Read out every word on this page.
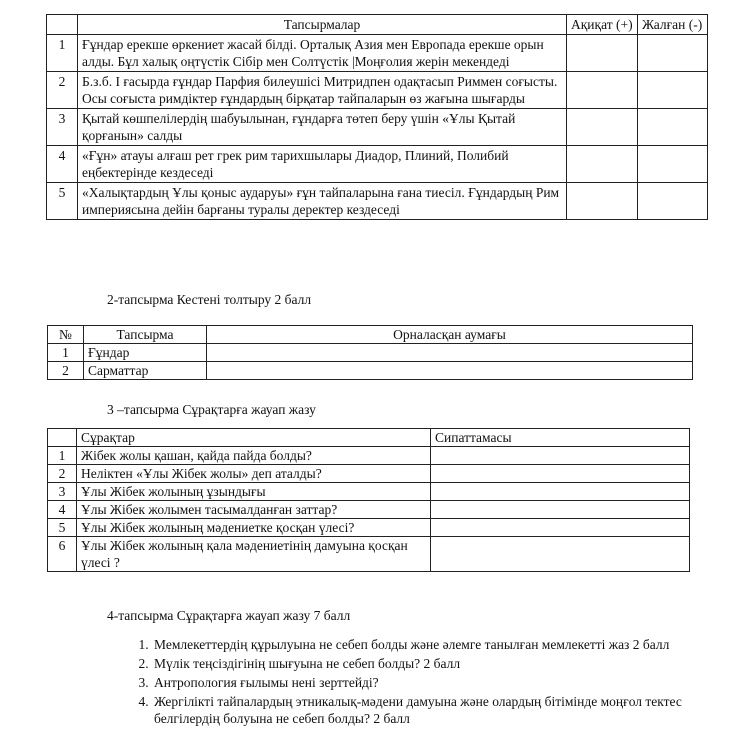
	Тапсырмалар	Ақиқат (+)	Жалған (-)
1	Ғұндар ерекше өркениет жасай білді. Орталық Азия мен Европада ерекше орын алды. Бұл халық оңтүстік Сібір мен Солтүстік |Моңғолия жерін мекендеді		
2	Б.з.б. I ғасырда ғұндар Парфия билеушісі Митридпен одақтасып Риммен соғысты. Осы соғыста римдіктер ғұндардың бірқатар тайпаларын өз жағына шығарды		
3	Қытай көшпелілердің шабуылынан, ғұндарға төтеп беру үшін «Ұлы Қытай қорғанын» салды		
4	«Ғұн» атауы алғаш рет грек рим тарихшылары Диадор, Плиний, Полибий еңбектерінде кездеседі		
5	«Халықтардың Ұлы қоныс аударуы» ғұн тайпаларына ғана тиесіл. Ғұндардың Рим империясына дейін барғаны туралы деректер кездеседі		
2-тапсырма Кестені толтыру 2 балл
№	Тапсырма	Орналасқан аумағы
1	Ғұндар	
2	Сарматтар	
3 –тапсырма Сұрақтарға жауап жазу
	Сұрақтар	Сипаттамасы
1	Жібек жолы қашан, қайда пайда болды?	
2	Неліктен «Ұлы Жібек жолы» деп аталды?	
3	Ұлы Жібек жолының ұзындығы	
4	Ұлы Жібек жолымен тасымалданған заттар?	
5	Ұлы Жібек жолының мәдениетке қосқан үлесі?	
6	Ұлы Жібек жолының қала мәдениетінің дамуына қосқан үлесі ?	
4-тапсырма Сұрақтарға жауап жазу 7 балл
1. Мемлекеттердің құрылуына не себеп болды және әлемге танылған мемлекетті жаз 2 балл
2. Мүлік теңсіздігінің шығуына не себеп болды? 2 балл
3. Антропология ғылымы нені зерттейді?
4. Жергілікті тайпалардың этникалық-мәдени дамуына және олардың бітімінде моңғол тектес белгілердің болуына не себеп болды? 2 балл
